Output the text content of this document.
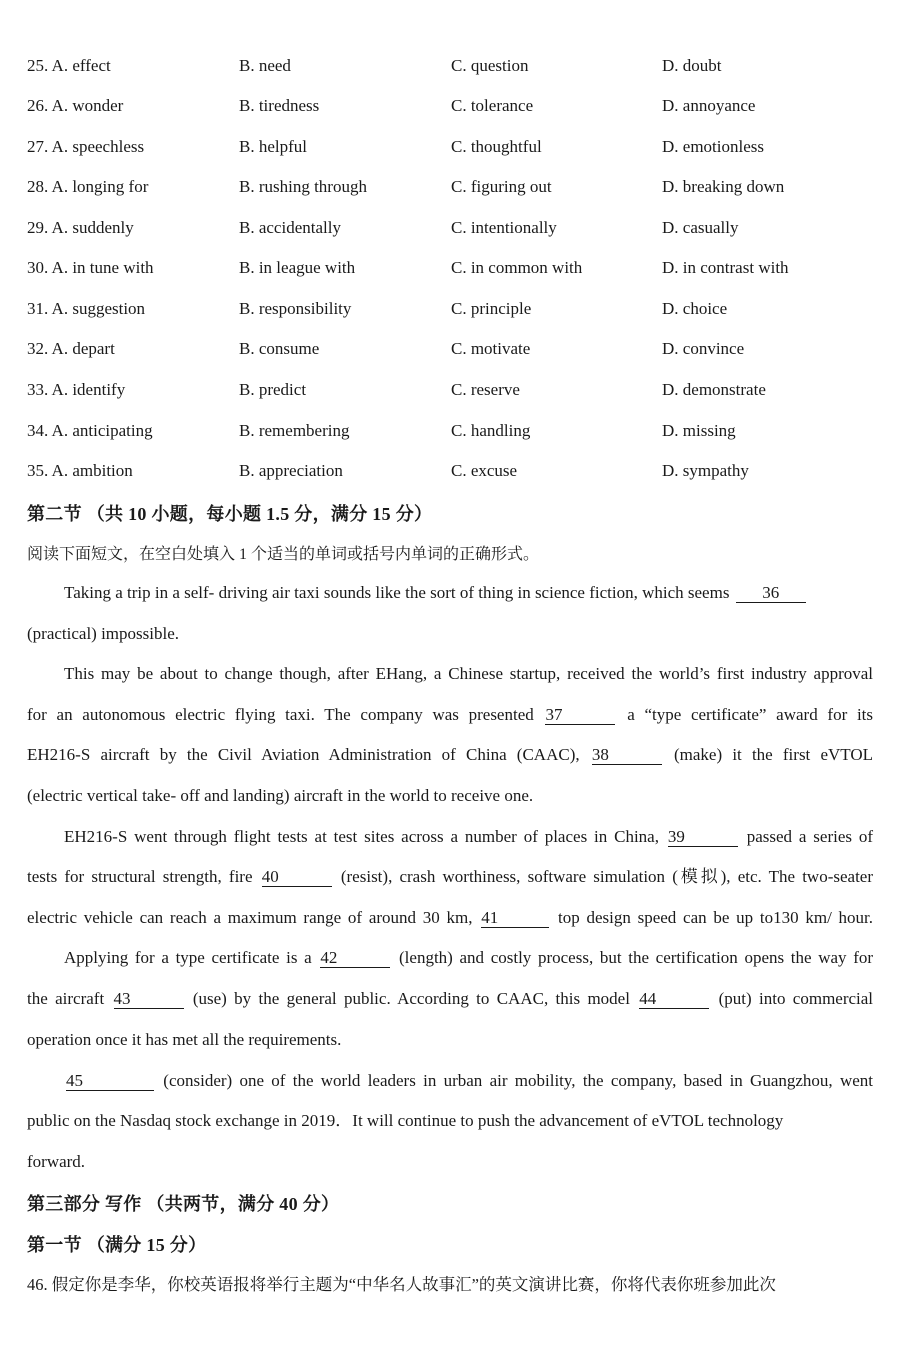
25. A. effect	B. need	C. question	D. doubt
26. A. wonder	B. tiredness	C. tolerance	D. annoyance
27. A. speechless	B. helpful	C. thoughtful	D. emotionless
28. A. longing for	B. rushing through	C. figuring out	D. breaking down
29. A. suddenly	B. accidentally	C. intentionally	D. casually
30. A. in tune with	B. in league with	C. in common with	D. in contrast with
31. A. suggestion	B. responsibility	C. principle	D. choice
32. A. depart	B. consume	C. motivate	D. convince
33. A. identify	B. predict	C. reserve	D. demonstrate
34. A. anticipating	B. remembering	C. handling	D. missing
35. A. ambition	B. appreciation	C. excuse	D. sympathy
第二节 （共 10 小题，每小题 1.5 分，满分 15 分）
阅读下面短文，在空白处填入 1 个适当的单词或括号内单词的正确形式。
Taking a trip in a self- driving air taxi sounds like the sort of thing in science fiction, which seems 36
(practical) impossible.
This may be about to change though, after EHang, a Chinese startup, received the world’s first industry approval
for an autonomous electric flying taxi. The company was presented 37	a “type certificate” award for its
EH216-S aircraft by the Civil Aviation Administration of China (CAAC), 38	(make) it the first eVTOL
(electric vertical take- off and landing) aircraft in the world to receive one.
EH216-S went through flight tests at test sites across a number of places in China, 39	passed a series of
tests for structural strength, fire 40	(resist), crash worthiness, software simulation (模拟), etc. The two-seater
electric vehicle can reach a maximum range of around 30 km, 41	top design speed can be up to130 km/ hour.
Applying for a type certificate is a 42	(length) and costly process, but the certification opens the way for
the aircraft 43	(use) by the general public. According to CAAC, this model 44	(put) into commercial
operation once it has met all the requirements.
45	(consider) one of the world leaders in urban air mobility, the company, based in Guangzhou, went
public on the Nasdaq stock exchange in 2019．It will continue to push the advancement of eVTOL technology
forward.
第三部分 写作 （共两节，满分 40 分）
第一节 （满分 15 分）
46. 假定你是李华，你校英语报将举行主题为“中华名人故事汇”的英文演讲比赛，你将代表你班参加此次
